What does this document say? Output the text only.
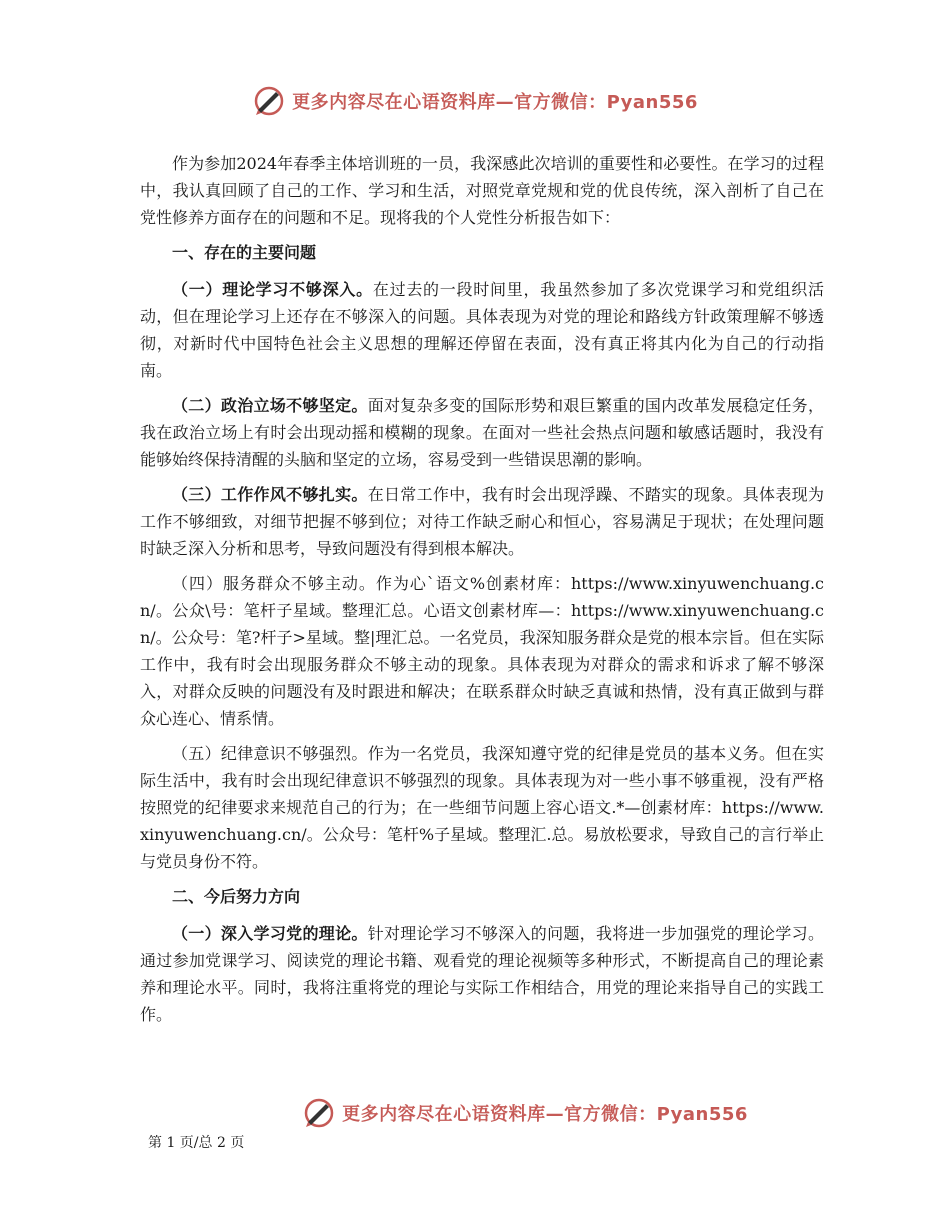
更多内容尽在心语资料库—官方微信：Pyan556

作为参加2024年春季主体培训班的一员，我深感此次培训的重要性和必要性。在学习的过程中，我认真回顾了自己的工作、学习和生活，对照党章党规和党的优良传统，深入剖析了自己在党性修养方面存在的问题和不足。现将我的个人党性分析报告如下：

一、存在的主要问题

（一）理论学习不够深入。在过去的一段时间里，我虽然参加了多次党课学习和党组织活动，但在理论学习上还存在不够深入的问题。具体表现为对党的理论和路线方针政策理解不够透彻，对新时代中国特色社会主义思想的理解还停留在表面，没有真正将其内化为自己的行动指南。

（二）政治立场不够坚定。面对复杂多变的国际形势和艰巨繁重的国内改革发展稳定任务，我在政治立场上有时会出现动摇和模糊的现象。在面对一些社会热点问题和敏感话题时，我没有能够始终保持清醒的头脑和坚定的立场，容易受到一些错误思潮的影响。

（三）工作作风不够扎实。在日常工作中，我有时会出现浮躁、不踏实的现象。具体表现为工作不够细致，对细节把握不够到位；对待工作缺乏耐心和恒心，容易满足于现状；在处理问题时缺乏深入分析和思考，导致问题没有得到根本解决。

（四）服务群众不够主动。作为心`语文%创素材库：https://www.xinyuwenchuang.cn/。公众\号：笔杆子星域。整理汇总。心语文创素材库—：https://www.xinyuwenchuang.cn/。公众号：笔?杆子>星域。整|理汇总。一名党员，我深知服务群众是党的根本宗旨。但在实际工作中，我有时会出现服务群众不够主动的现象。具体表现为对群众的需求和诉求了解不够深入，对群众反映的问题没有及时跟进和解决；在联系群众时缺乏真诚和热情，没有真正做到与群众心连心、情系情。

（五）纪律意识不够强烈。作为一名党员，我深知遵守党的纪律是党员的基本义务。但在实际生活中，我有时会出现纪律意识不够强烈的现象。具体表现为对一些小事不够重视，没有严格按照党的纪律要求来规范自己的行为；在一些细节问题上容心语文.*—创素材库：https://www.xinyuwenchuang.cn/。公众号：笔杆%子星域。整理汇.总。易放松要求，导致自己的言行举止与党员身份不符。

二、今后努力方向

（一）深入学习党的理论。针对理论学习不够深入的问题，我将进一步加强党的理论学习。通过参加党课学习、阅读党的理论书籍、观看党的理论视频等多种形式，不断提高自己的理论素养和理论水平。同时，我将注重将党的理论与实际工作相结合，用党的理论来指导自己的实践工作。

更多内容尽在心语资料库—官方微信：Pyan556
第 1 页/总 2 页
